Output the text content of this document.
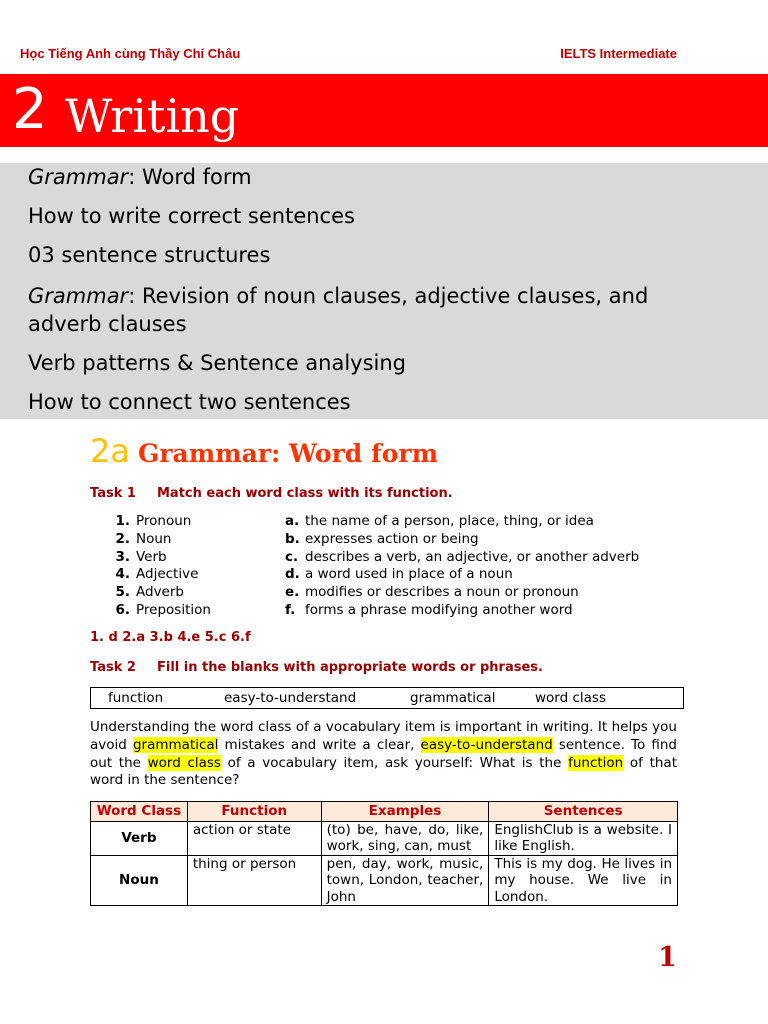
Học Tiếng Anh cùng Thầy Chí Châu	IELTS Intermediate
2 Writing
Grammar: Word form
How to write correct sentences
03 sentence structures
Grammar: Revision of noun clauses, adjective clauses, and adverb clauses
Verb patterns & Sentence analysing
How to connect two sentences
2a Grammar: Word form
Task 1 Match each word class with its function.
1. Pronoun	a. the name of a person, place, thing, or idea
2. Noun	b. expresses action or being
3. Verb	c. describes a verb, an adjective, or another adverb
4. Adjective	d. a word used in place of a noun
5. Adverb	e. modifies or describes a noun or pronoun
6. Preposition	f. forms a phrase modifying another word
1. d 2.a 3.b 4.e 5.c 6.f
Task 2 Fill in the blanks with appropriate words or phrases.
function	easy-to-understand	grammatical	word class
Understanding the word class of a vocabulary item is important in writing. It helps you avoid grammatical mistakes and write a clear, easy-to-understand sentence. To find out the word class of a vocabulary item, ask yourself: What is the function of that word in the sentence?
Word Class	Function	Examples	Sentences
Verb	action or state	(to) be, have, do, like, work, sing, can, must	EnglishClub is a website. I like English.
Noun	thing or person	pen, day, work, music, town, London, teacher, John	This is my dog. He lives in my house. We live in London.
1
